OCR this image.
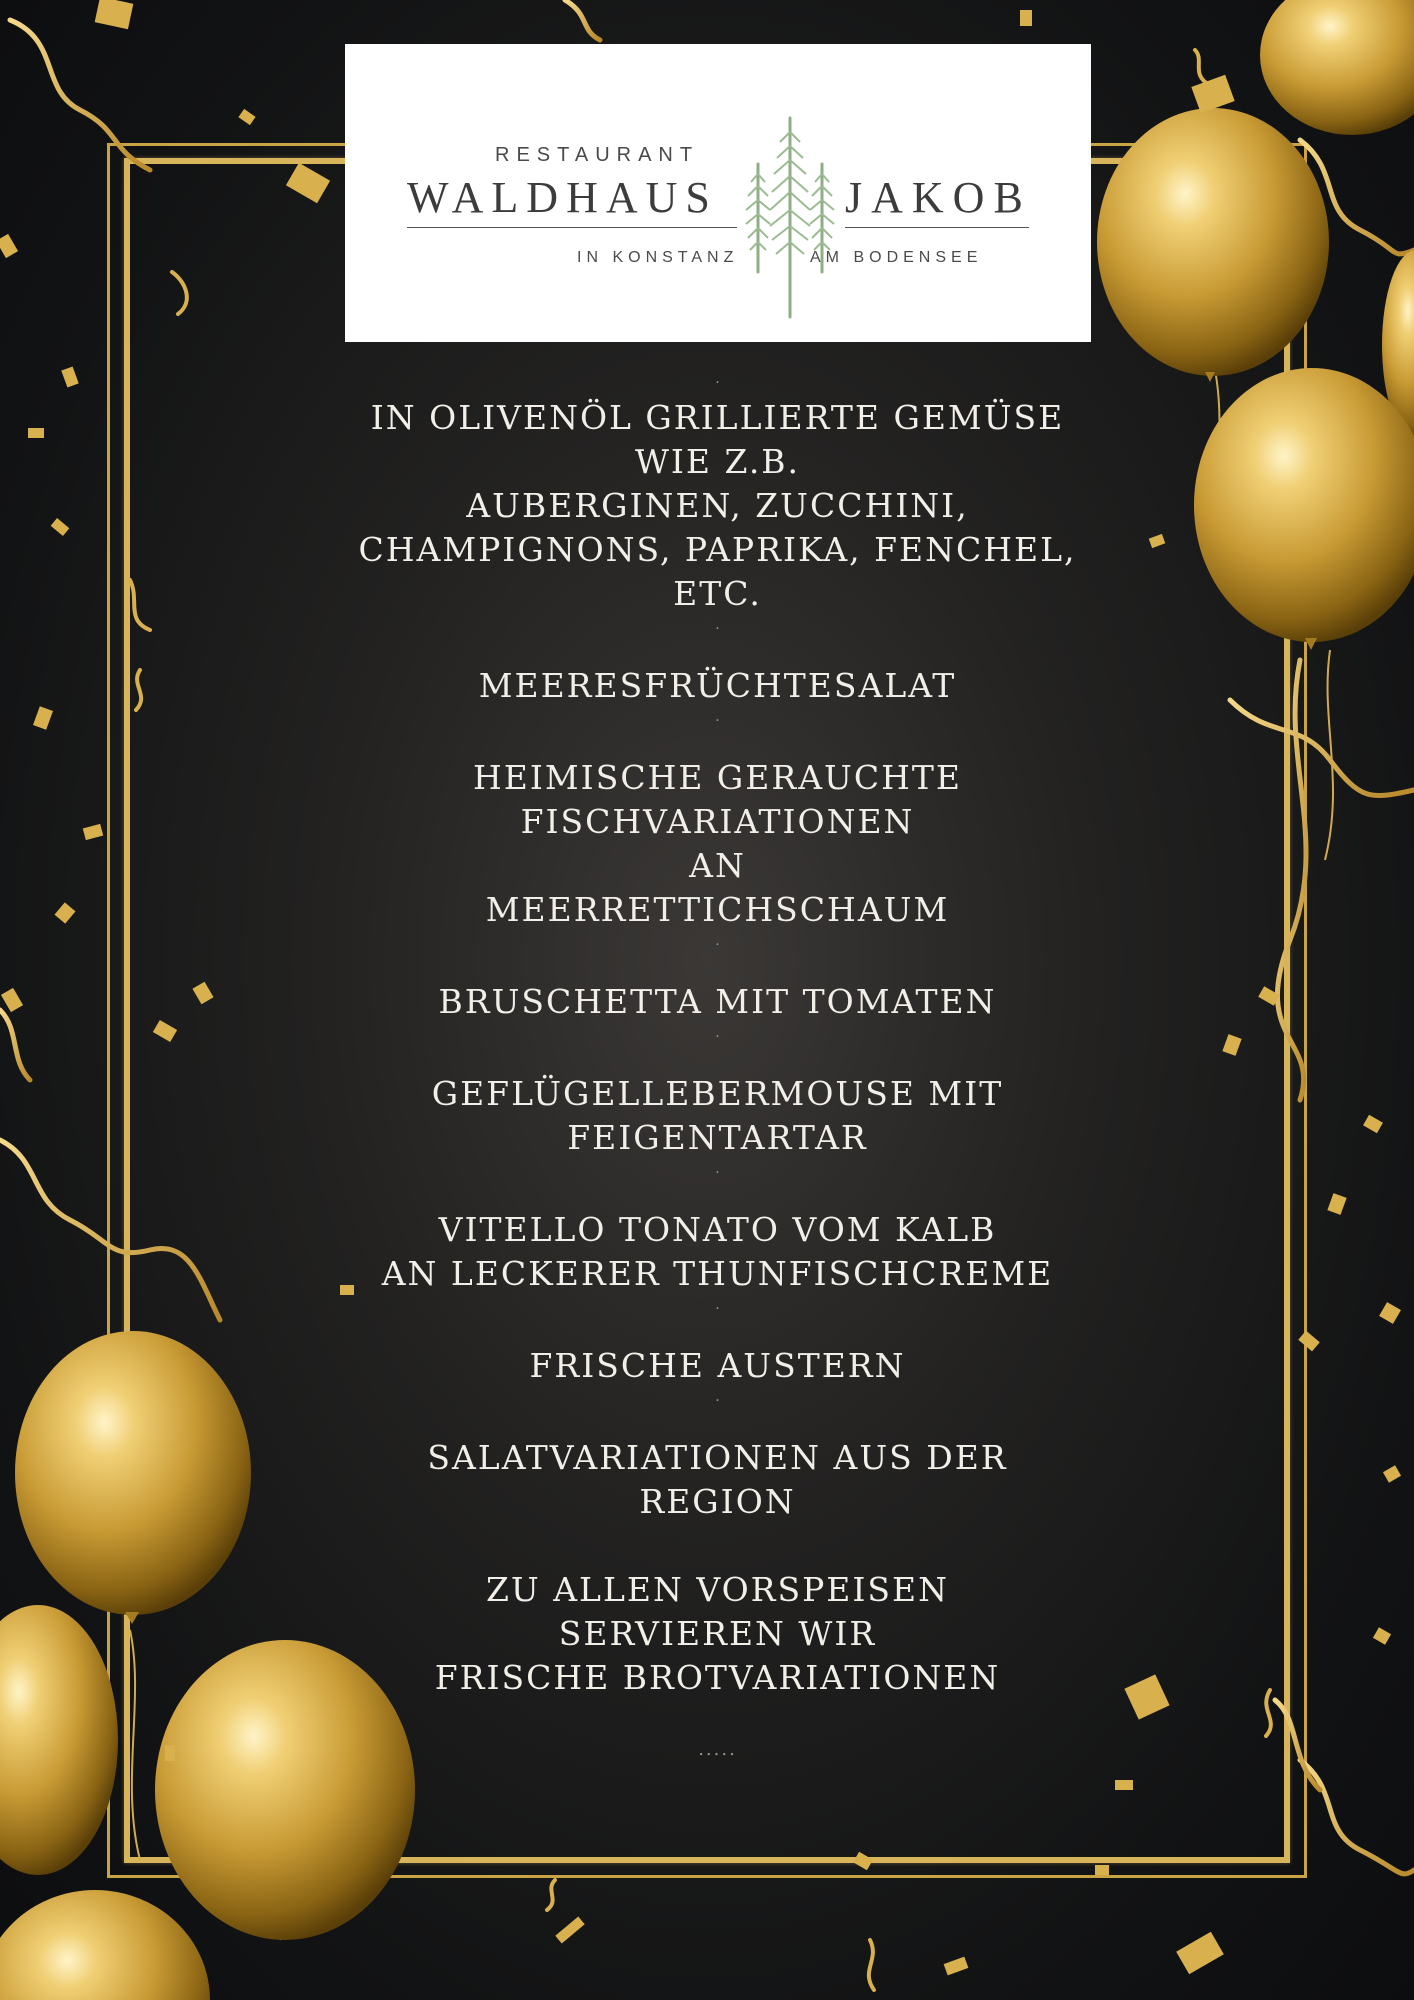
RESTAURANT
WALDHAUS	JAKOB
IN KONSTANZ	AM BODENSEE
·
IN OLIVENÖL GRILLIERTE GEMÜSE
WIE Z.B.
AUBERGINEN, ZUCCHINI,
CHAMPIGNONS, PAPRIKA, FENCHEL,
ETC.
·
MEERESFRÜCHTESALAT
·
HEIMISCHE GERAUCHTE
FISCHVARIATIONEN
AN
MEERRETTICHSCHAUM
·
BRUSCHETTA MIT TOMATEN
·
GEFLÜGELLEBERMOUSE MIT
FEIGENTARTAR
·
VITELLO TONATO VOM KALB
AN LECKERER THUNFISCHCREME
·
FRISCHE AUSTERN
·
SALATVARIATIONEN AUS DER
REGION
ZU ALLEN VORSPEISEN
SERVIEREN WIR
FRISCHE BROTVARIATIONEN
.....
